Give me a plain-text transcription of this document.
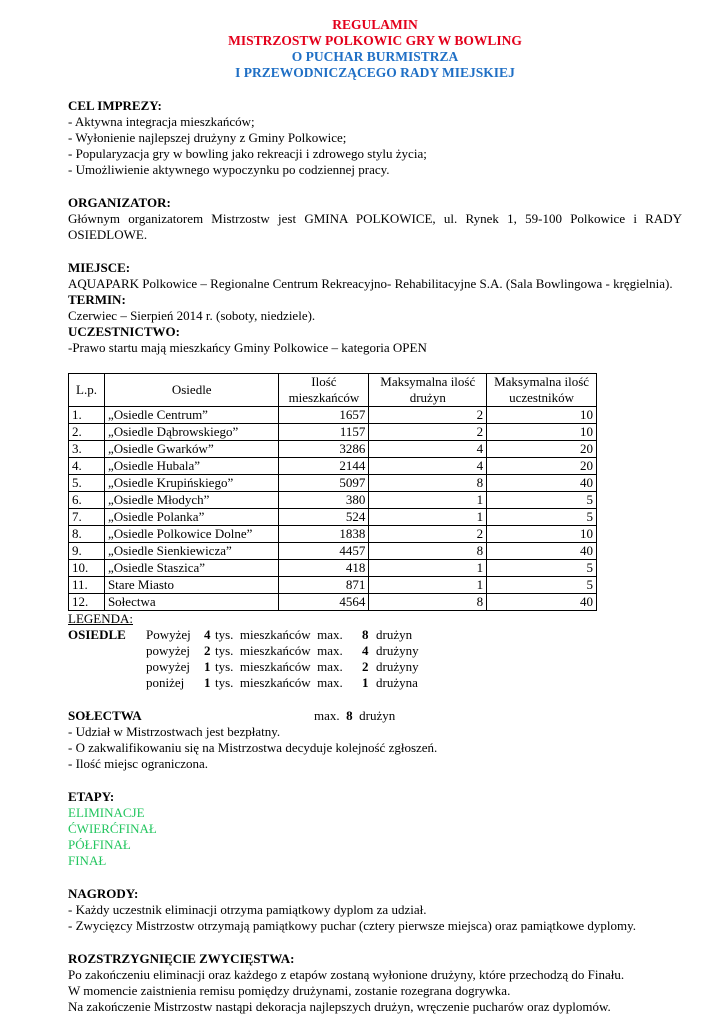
REGULAMIN
MISTRZOSTW POLKOWIC GRY W BOWLING
O PUCHAR BURMISTRZA
I PRZEWODNICZĄCEGO RADY MIEJSKIEJ

CEL IMPREZY:

- Aktywna integracja mieszkańców;

- Wyłonienie najlepszej drużyny z Gminy Polkowice;

- Popularyzacja gry w bowling jako rekreacji i zdrowego stylu życia;

- Umożliwienie aktywnego wypoczynku po codziennej pracy.

ORGANIZATOR:

Głównym organizatorem Mistrzostw jest GMINA POLKOWICE, ul. Rynek 1, 59-100 Polkowice i RADY OSIEDLOWE.

MIEJSCE:

AQUAPARK Polkowice – Regionalne Centrum Rekreacyjno- Rehabilitacyjne S.A. (Sala Bowlingowa - kręgielnia).

TERMIN:

Czerwiec – Sierpień 2014 r. (soboty, niedziele).

UCZESTNICTWO:

-Prawo startu mają mieszkańcy Gminy Polkowice – kategoria OPEN

L.p.	Osiedle	Ilość mieszkańców	Maksymalna ilość drużyn	Maksymalna ilość uczestników
1.	„Osiedle Centrum”	1657	2	10
2.	„Osiedle Dąbrowskiego”	1157	2	10
3.	„Osiedle Gwarków”	3286	4	20
4.	„Osiedle Hubala”	2144	4	20
5.	„Osiedle Krupińskiego”	5097	8	40
6.	„Osiedle Młodych”	380	1	5
7.	„Osiedle Polanka”	524	1	5
8.	„Osiedle Polkowice Dolne”	1838	2	10
9.	„Osiedle Sienkiewicza”	4457	8	40
10.	„Osiedle Staszica”	418	1	5
11.	Stare Miasto	871	1	5
12.	Sołectwa	4564	8	40

LEGENDA:

OSIEDLE	Powyżej 4 tys.  mieszkańców  max. 8 drużyn
powyżej 2 tys.  mieszkańców  max. 4 drużyny
powyżej 1 tys.  mieszkańców  max. 2 drużyny
poniżej 1 tys.  mieszkańców  max. 1 drużyna
SOŁECTWA	max. 8 drużyn

- Udział w Mistrzostwach jest bezpłatny.

- O zakwalifikowaniu się na Mistrzostwa decyduje kolejność zgłoszeń.

- Ilość miejsc ograniczona.

ETAPY:

ELIMINACJE

ĆWIERĆFINAŁ

PÓŁFINAŁ

FINAŁ

NAGRODY:

- Każdy uczestnik eliminacji otrzyma pamiątkowy dyplom za udział.

- Zwycięzcy Mistrzostw otrzymają pamiątkowy puchar (cztery pierwsze miejsca) oraz pamiątkowe dyplomy.

ROZSTRZYGNIĘCIE ZWYCIĘSTWA:

Po zakończeniu eliminacji oraz każdego z etapów zostaną wyłonione drużyny, które przechodzą do Finału.

W momencie zaistnienia remisu pomiędzy drużynami, zostanie rozegrana dogrywka.

Na zakończenie Mistrzostw nastąpi dekoracja najlepszych drużyn, wręczenie pucharów oraz dyplomów.
